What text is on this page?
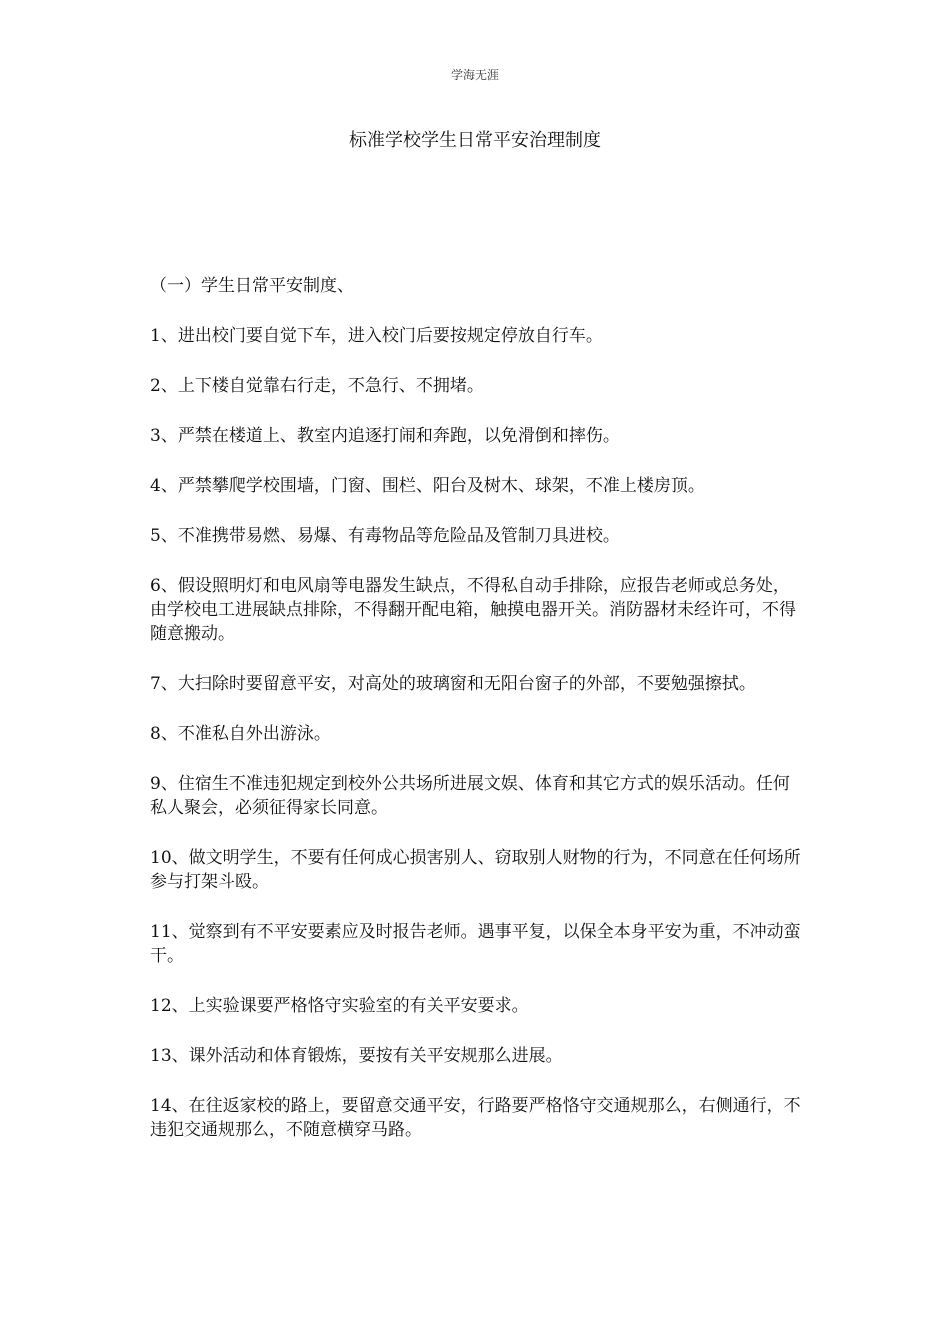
学海无涯
标准学校学生日常平安治理制度

（一）学生日常平安制度、

1、进出校门要自觉下车，进入校门后要按规定停放自行车。

2、上下楼自觉靠右行走，不急行、不拥堵。

3、严禁在楼道上、教室内追逐打闹和奔跑，以免滑倒和摔伤。

4、严禁攀爬学校围墙，门窗、围栏、阳台及树木、球架，不准上楼房顶。

5、不准携带易燃、易爆、有毒物品等危险品及管制刀具进校。

6、假设照明灯和电风扇等电器发生缺点，不得私自动手排除，应报告老师或总务处，由学校电工进展缺点排除，不得翻开配电箱，触摸电器开关。消防器材未经许可，不得随意搬动。

7、大扫除时要留意平安，对高处的玻璃窗和无阳台窗子的外部，不要勉强擦拭。

8、不准私自外出游泳。

9、住宿生不准违犯规定到校外公共场所进展文娱、体育和其它方式的娱乐活动。任何私人聚会，必须征得家长同意。

10、做文明学生，不要有任何成心损害别人、窃取别人财物的行为，不同意在任何场所参与打架斗殴。

11、觉察到有不平安要素应及时报告老师。遇事平复，以保全本身平安为重，不冲动蛮干。

12、上实验课要严格恪守实验室的有关平安要求。

13、课外活动和体育锻炼，要按有关平安规那么进展。

14、在往返家校的路上，要留意交通平安，行路要严格恪守交通规那么，右侧通行，不违犯交通规那么，不随意横穿马路。
